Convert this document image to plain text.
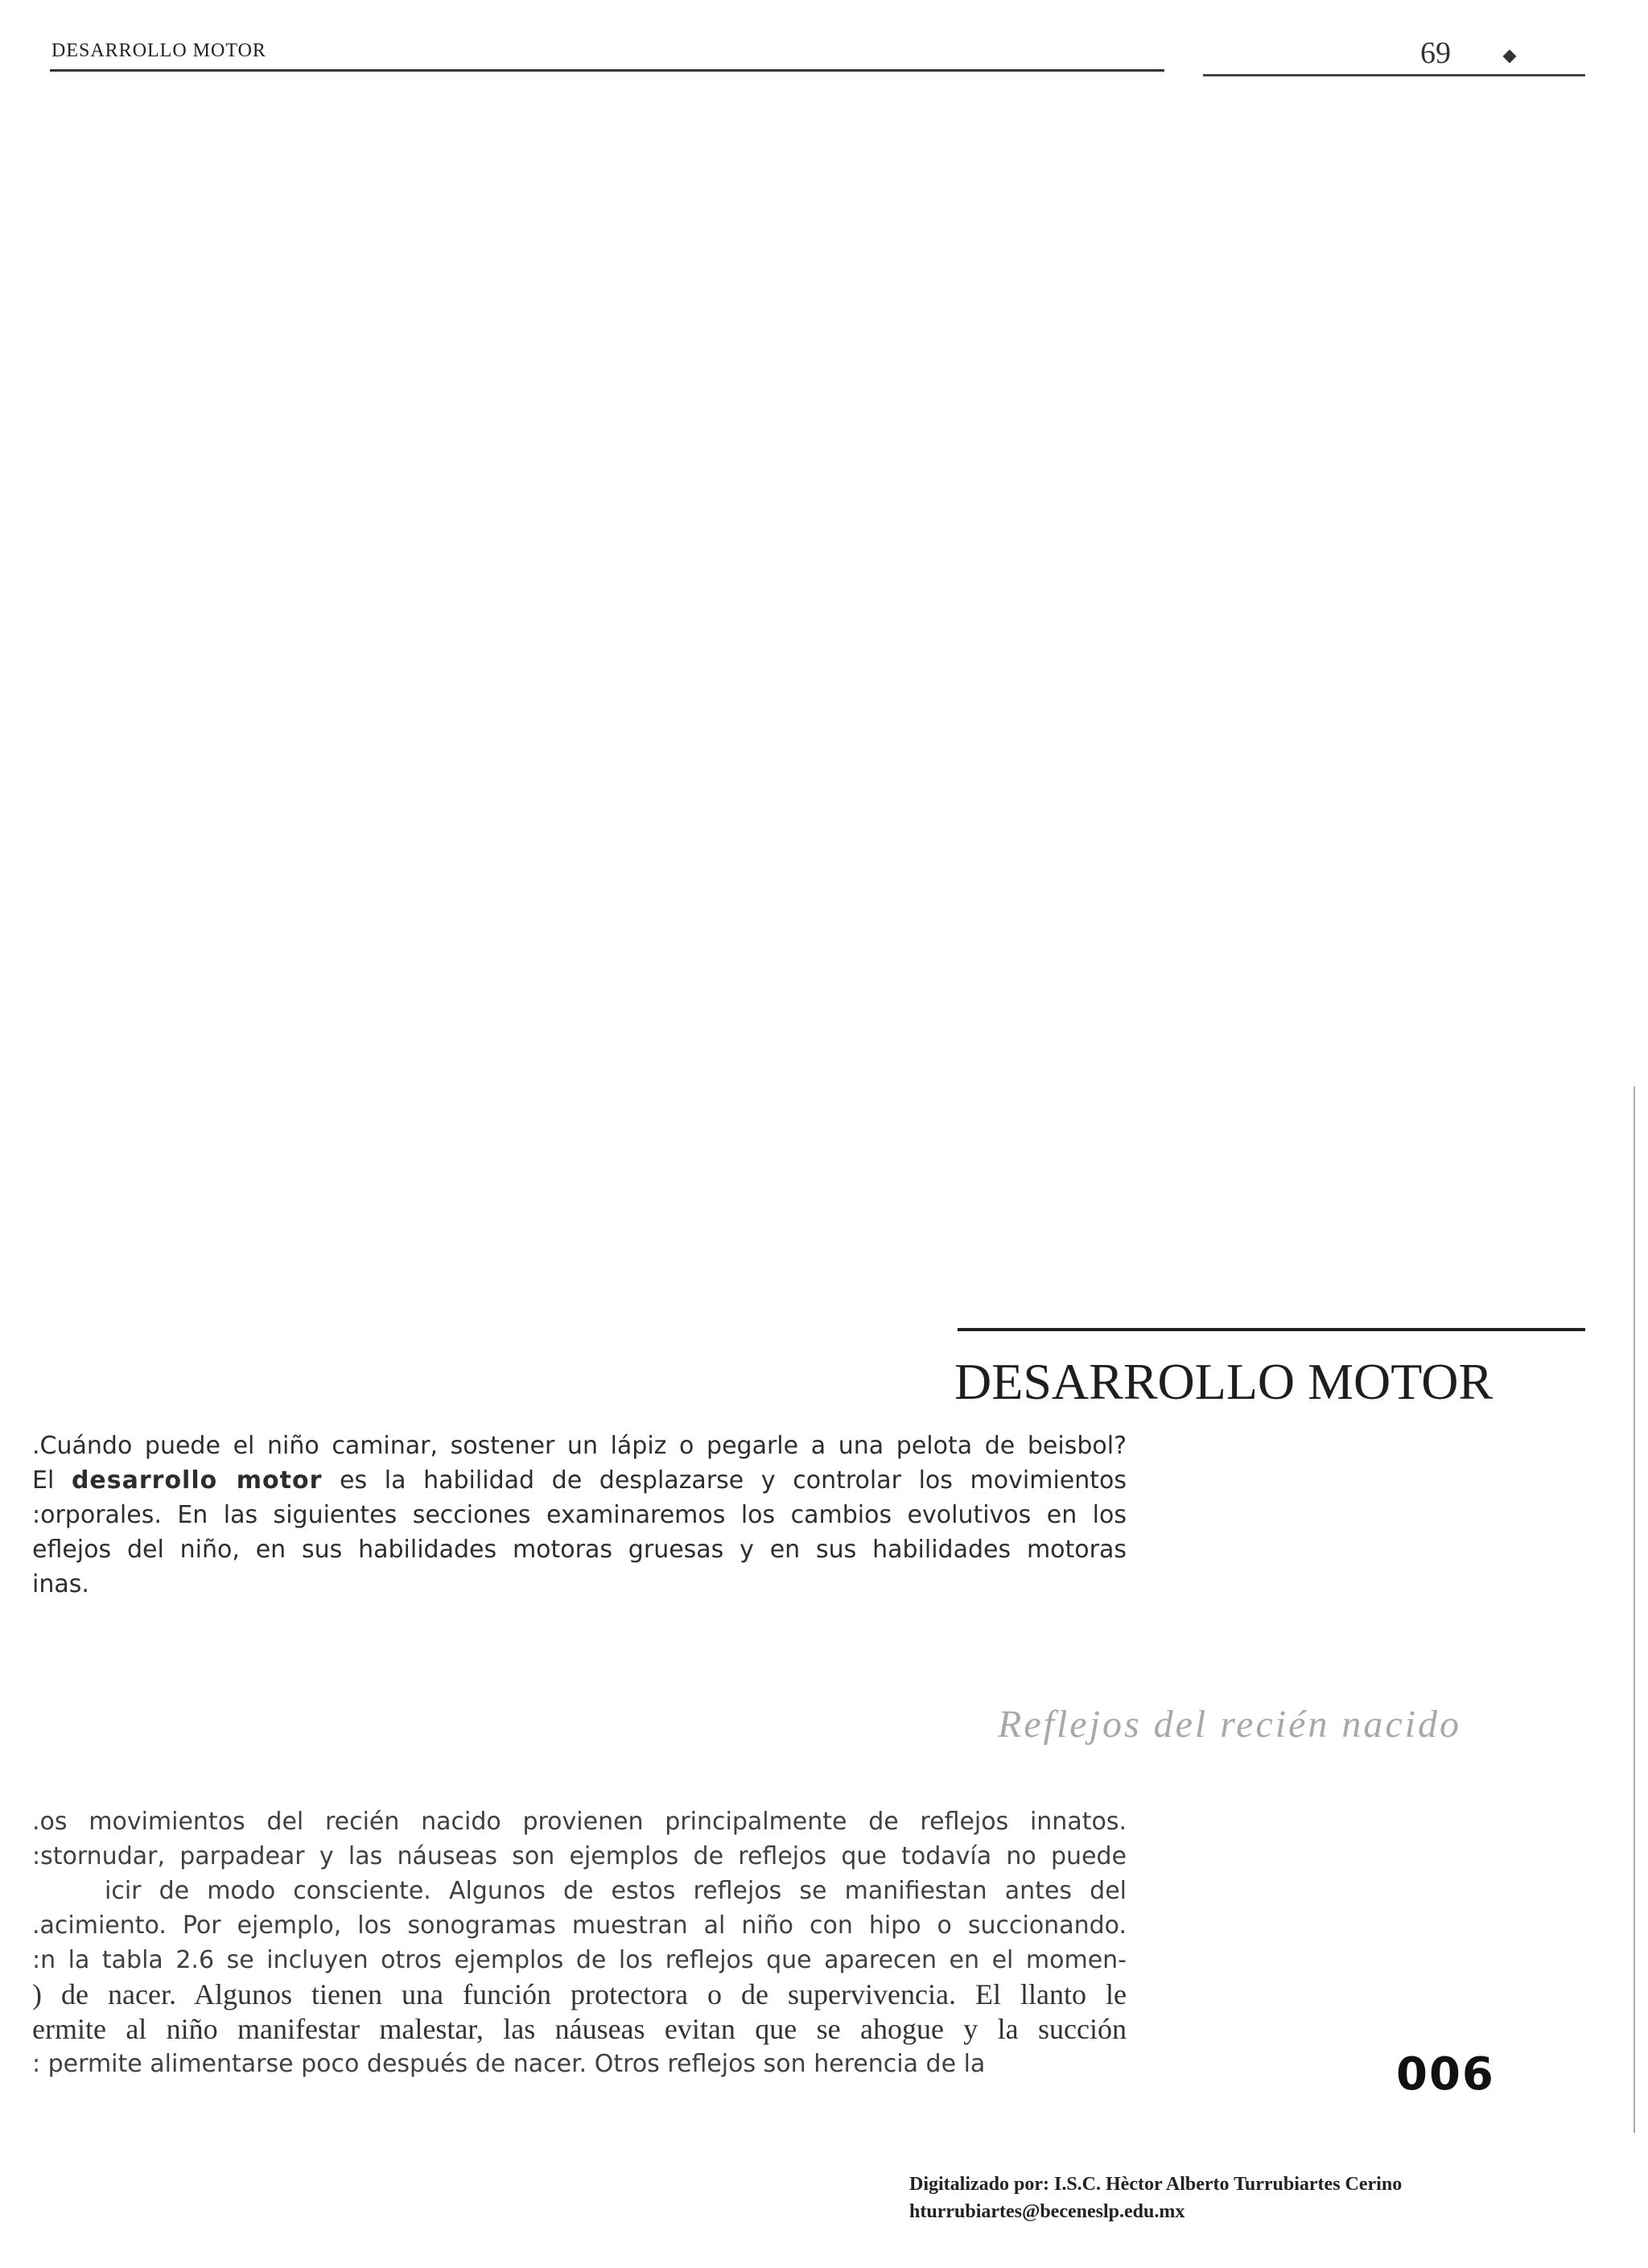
DESARROLLO MOTOR	69
DESARROLLO MOTOR
.Cuándo puede el niño caminar, sostener un lápiz o pegarle a una pelota de beisbol?
El desarrollo motor es la habilidad de desplazarse y controlar los movimientos
:orporales. En las siguientes secciones examinaremos los cambios evolutivos en los
eflejos del niño, en sus habilidades motoras gruesas y en sus habilidades motoras
inas.
Reflejos del recién nacido
.os movimientos del recién nacido provienen principalmente de reflejos innatos.
:stornudar, parpadear y las náuseas son ejemplos de reflejos que todavía no puede
icir de modo consciente. Algunos de estos reflejos se manifiestan antes del
.acimiento. Por ejemplo, los sonogramas muestran al niño con hipo o succionando.
:n la tabla 2.6 se incluyen otros ejemplos de los reflejos que aparecen en el momen-
) de nacer. Algunos tienen una función protectora o de supervivencia. El llanto le
ermite al niño manifestar malestar, las náuseas evitan que se ahogue y la succión
: permite alimentarse poco después de nacer. Otros reflejos son herencia de la	006
Digitalizado por: I.S.C. Hèctor Alberto Turrubiartes Cerino
hturrubiartes@beceneslp.edu.mx
